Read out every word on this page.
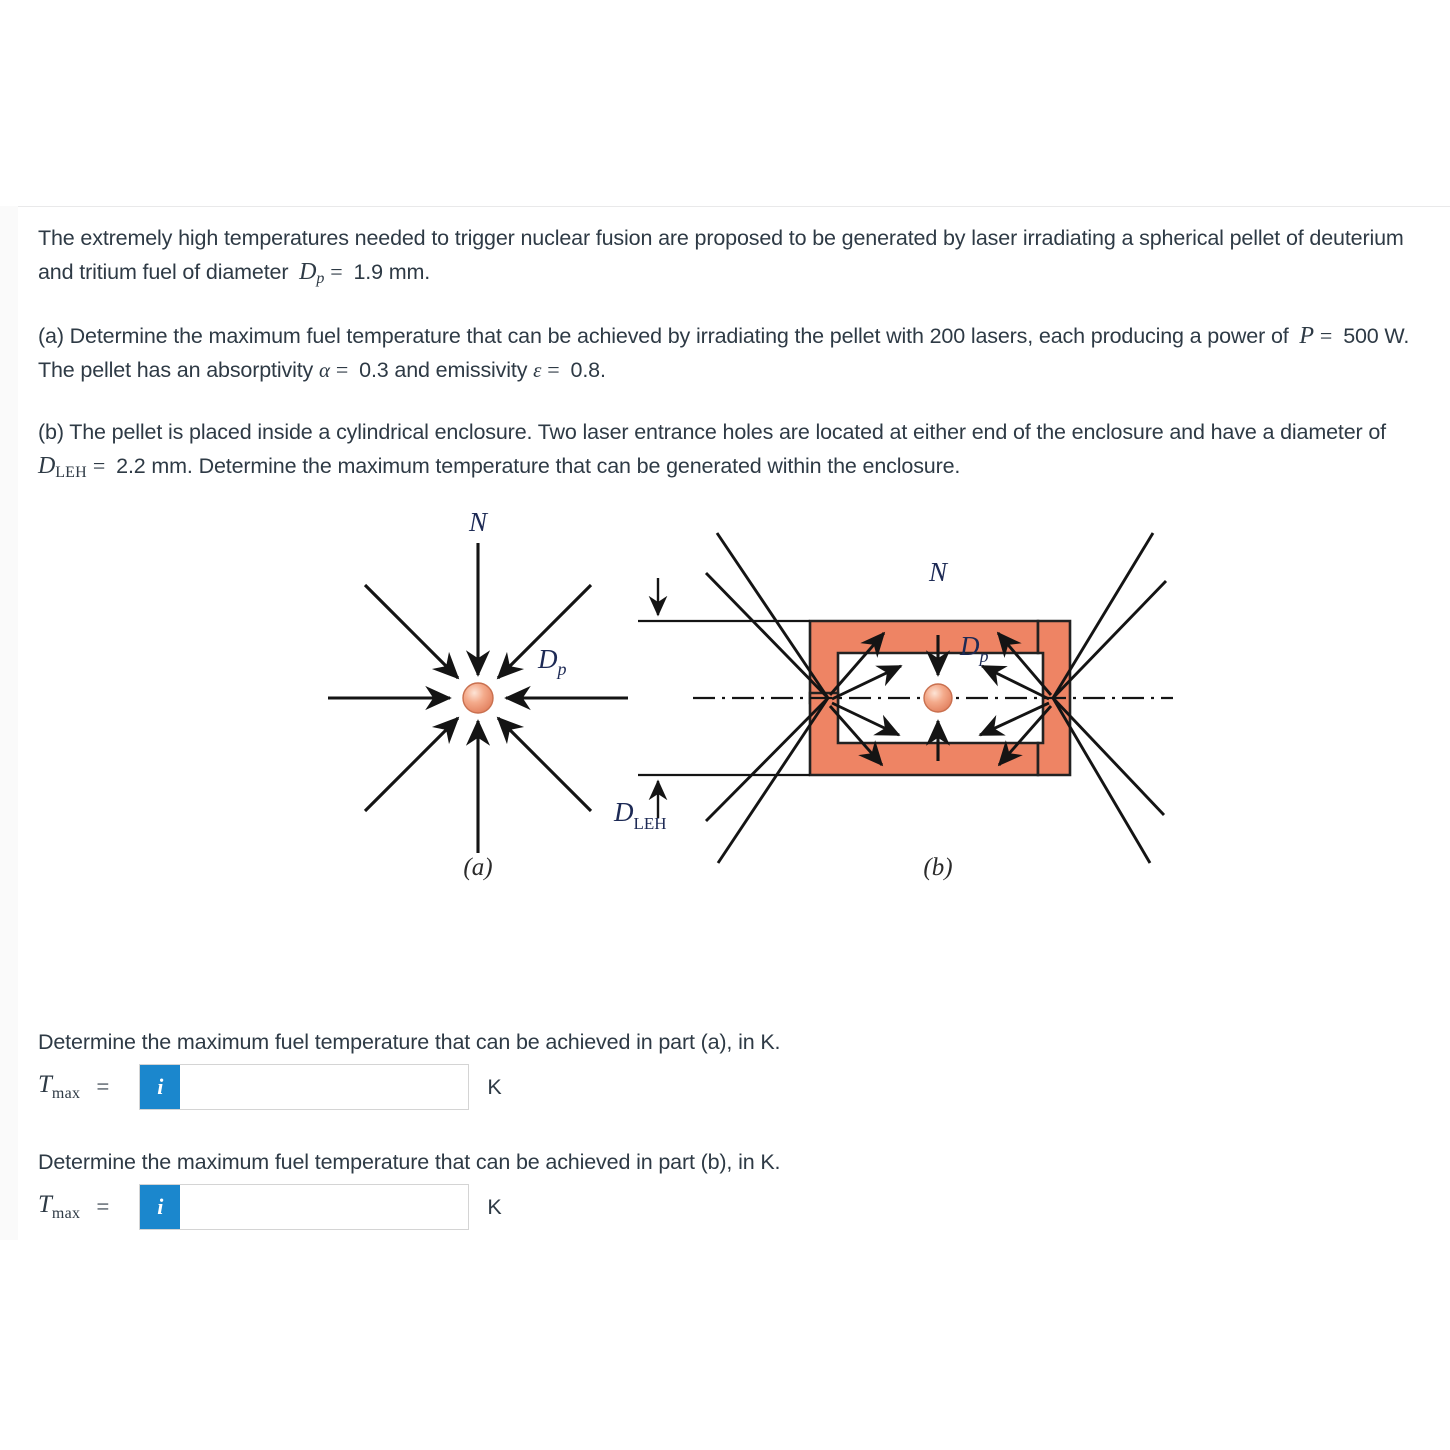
The extremely high temperatures needed to trigger nuclear fusion are proposed to be generated by laser irradiating a spherical pellet of deuterium and tritium fuel of diameter Dp = 1.9 mm.

(a) Determine the maximum fuel temperature that can be achieved by irradiating the pellet with 200 lasers, each producing a power of P = 500 W. The pellet has an absorptivity α = 0.3 and emissivity ε = 0.8.

(b) The pellet is placed inside a cylindrical enclosure. Two laser entrance holes are located at either end of the enclosure and have a diameter of DLEH = 2.2 mm. Determine the maximum temperature that can be generated within the enclosure.

N
$D_p$
(a)
N
$D_p$
$D_{LEH}$
(b)
Determine the maximum fuel temperature that can be achieved in part (a), in K.
$T_{max}$ =	i	K
Determine the maximum fuel temperature that can be achieved in part (b), in K.
$T_{max}$ =	i	K
